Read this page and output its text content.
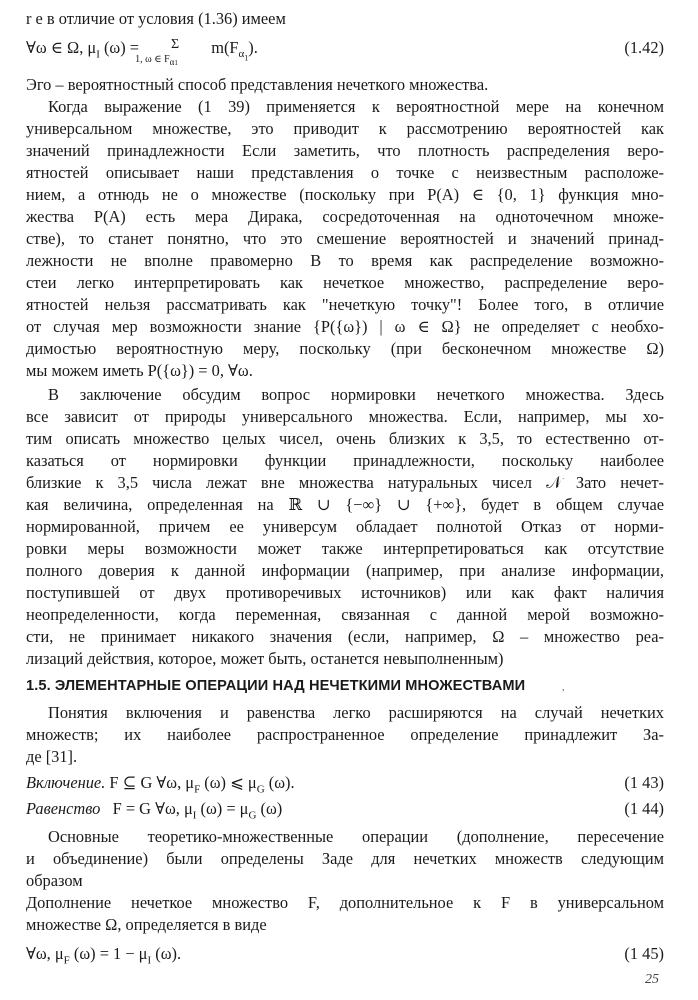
r e в отличие от условия (1.36) имеем
∀ω ∈ Ω, $\mu_I$ (ω) = Σ
1, ω ∈ $F_{\alpha 1}$
$m(F_{\alpha_1})$.	(1.42)
Эго – вероятностный способ представления нечеткого множества.
Когда выражение (1 39) применяется к вероятностной мере на конечном
универсальном множестве, это приводит к рассмотрению вероятностей как
значений принадлежности Если заметить, что плотность распределения веро-
ятностей описывает наши представления о точке с неизвестным расположе-
нием, а отнюдь не о множестве (поскольку при P(A) ∈ {0, 1} функция мно-
жества P(A) есть мера Дирака, сосредоточенная на одноточечном множе-
стве), то станет понятно, что это смешение вероятностей и значений принад-
лежности не вполне правомерно В то время как распределение возможно-
стеи легко интерпретировать как нечеткое множество, распределение веро-
ятностей нельзя рассматривать как "нечеткую точку"! Более того, в отличие
от случая мер возможности знание {P({ω}) | ω ∈ Ω} не определяет с необхо-
димостью вероятностную меру, поскольку (при бесконечном множестве Ω)
мы можем иметь P({ω}) = 0, ∀ω.
В заключение обсудим вопрос нормировки нечеткого множества. Здесь
все зависит от природы универсального множества. Если, например, мы хо-
тим описать множество целых чисел, очень близких к 3,5, то естественно от-
казаться от нормировки функции принадлежности, поскольку наиболее
близкие к 3,5 числа лежат вне множества натуральных чисел 𝒩 Зато нечет-
кая величина, определенная на ℝ ∪ {−∞} ∪ {+∞}, будет в общем случае
нормированной, причем ее универсум обладает полнотой Отказ от норми-
ровки меры возможности может также интерпретироваться как отсутствие
полного доверия к данной информации (например, при анализе информации,
поступившей от двух противоречивых источников) или как факт наличия
неопределенности, когда переменная, связанная с данной мерой возможно-
сти, не принимает никакого значения (если, например, Ω – множество реа-
лизаций действия, которое, может быть, останется невыполненным)
1.5. ЭЛЕМЕНТАРНЫЕ ОПЕРАЦИИ НАД НЕЧЕТКИМИ МНОЖЕСТВАМИ	,
Понятия включения и равенства легко расширяются на случай нечетких
множеств; их наиболее распространенное определение принадлежит За-
де [31].
Включение. F ⊆ G ∀ω, $\mu_F$ (ω) ⩽ $\mu_G$ (ω).	(1 43)
Равенство F = G ∀ω, $\mu_I$ $(\omega) = \mu_G$ (ω)	(1 44)
Основные теоретико-множественные операции (дополнение, пересечение
и объединение) были определены Заде для нечетких множеств следующим
образом
Дополнение нечеткое множество F, дополнительное к F в универсальном
множестве Ω, определяется в виде
∀ω, $\mu_F$ $(\omega) = 1 - \mu_I$ (ω).	(1 45)
25
